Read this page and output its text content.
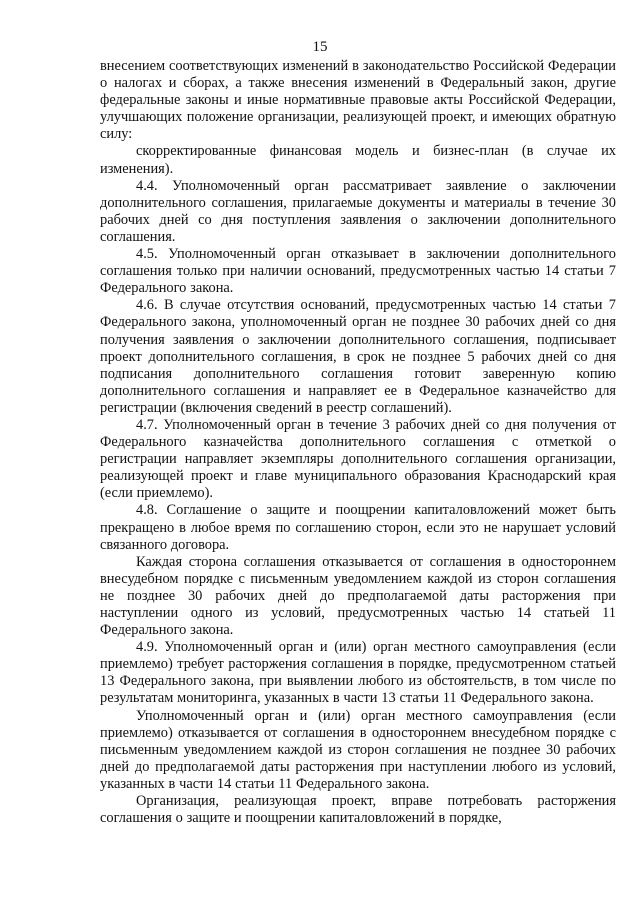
15

внесением соответствующих изменений в законодательство Российской Федерации о налогах и сборах, а также внесения изменений в Федеральный закон, другие федеральные законы и иные нормативные правовые акты Российской Федерации, улучшающих положение организации, реализующей проект, и имеющих обратную силу:

скорректированные финансовая модель и бизнес-план (в случае их изменения).

4.4. Уполномоченный орган рассматривает заявление о заключении дополнительного соглашения, прилагаемые документы и материалы в течение 30 рабочих дней со дня поступления заявления о заключении дополнительного соглашения.

4.5. Уполномоченный орган отказывает в заключении дополнительного соглашения только при наличии оснований, предусмотренных частью 14 статьи 7 Федерального закона.

4.6. В случае отсутствия оснований, предусмотренных частью 14 статьи 7 Федерального закона, уполномоченный орган не позднее 30 рабочих дней со дня получения заявления о заключении дополнительного соглашения, подписывает проект дополнительного соглашения, в срок не позднее 5 рабочих дней со дня подписания дополнительного соглашения готовит заверенную копию дополнительного соглашения и направляет ее в Федеральное казначейство для регистрации (включения сведений в реестр соглашений).

4.7. Уполномоченный орган в течение 3 рабочих дней со дня получения от Федерального казначейства дополнительного соглашения с отметкой о регистрации направляет экземпляры дополнительного соглашения организации, реализующей проект и главе муниципального образования Краснодарский края (если приемлемо).

4.8. Соглашение о защите и поощрении капиталовложений может быть прекращено в любое время по соглашению сторон, если это не нарушает условий связанного договора.

Каждая сторона соглашения отказывается от соглашения в одностороннем внесудебном порядке с письменным уведомлением каждой из сторон соглашения не позднее 30 рабочих дней до предполагаемой даты расторжения при наступлении одного из условий, предусмотренных частью 14 статьей 11 Федерального закона.

4.9. Уполномоченный орган и (или) орган местного самоуправления (если приемлемо) требует расторжения соглашения в порядке, предусмотренном статьей 13 Федерального закона, при выявлении любого из обстоятельств, в том числе по результатам мониторинга, указанных в части 13 статьи 11 Федерального закона.

Уполномоченный орган и (или) орган местного самоуправления (если приемлемо) отказывается от соглашения в одностороннем внесудебном порядке с письменным уведомлением каждой из сторон соглашения не позднее 30 рабочих дней до предполагаемой даты расторжения при наступлении любого из условий, указанных в части 14 статьи 11 Федерального закона.

Организация, реализующая проект, вправе потребовать расторжения соглашения о защите и поощрении капиталовложений в порядке,
